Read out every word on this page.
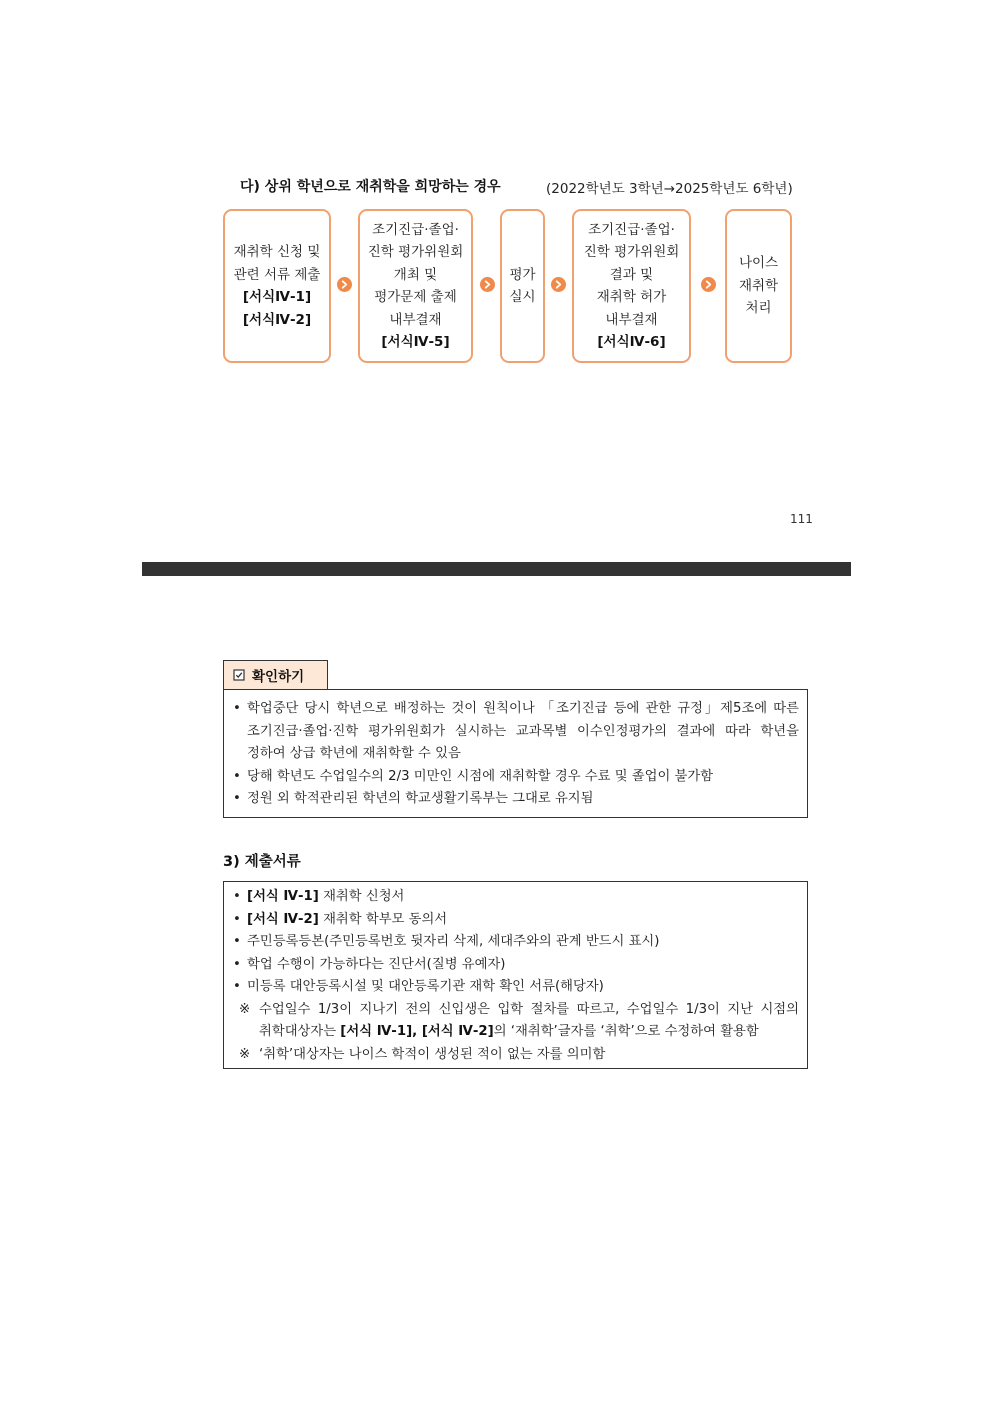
다) 상위 학년으로 재취학을 희망하는 경우	(2022학년도 3학년→2025학년도 6학년)
재취학 신청 및
관련 서류 제출
[서식Ⅳ-1]
[서식Ⅳ-2]
조기진급·졸업·
진학 평가위원회
개최 및
평가문제 출제
내부결재
[서식Ⅳ-5]
평가
실시
조기진급·졸업·
진학 평가위원회
결과 및
재취학 허가
내부결재
[서식Ⅳ-6]
나이스
재취학
처리
111
확인하기
• 학업중단 당시 학년으로 배정하는 것이 원칙이나 「조기진급 등에 관한 규정」제5조에 따른
조기진급·졸업·진학 평가위원회가 실시하는 교과목별 이수인정평가의 결과에 따라 학년을
정하여 상급 학년에 재취학할 수 있음
• 당해 학년도 수업일수의 2/3 미만인 시점에 재취학할 경우 수료 및 졸업이 불가함
• 정원 외 학적관리된 학년의 학교생활기록부는 그대로 유지됨
3) 제출서류
• [서식 Ⅳ-1] 재취학 신청서
• [서식 Ⅳ-2] 재취학 학부모 동의서
• 주민등록등본(주민등록번호 뒷자리 삭제, 세대주와의 관계 반드시 표시)
• 학업 수행이 가능하다는 진단서(질병 유예자)
• 미등록 대안등록시설 및 대안등록기관 재학 확인 서류(해당자)
※ 수업일수 1/3이 지나기 전의 신입생은 입학 절차를 따르고, 수업일수 1/3이 지난 시점의
취학대상자는 [서식 Ⅳ-1], [서식 Ⅳ-2]의 ‘재취학’글자를 ‘취학’으로 수정하여 활용함
※ ‘취학’대상자는 나이스 학적이 생성된 적이 없는 자를 의미함
